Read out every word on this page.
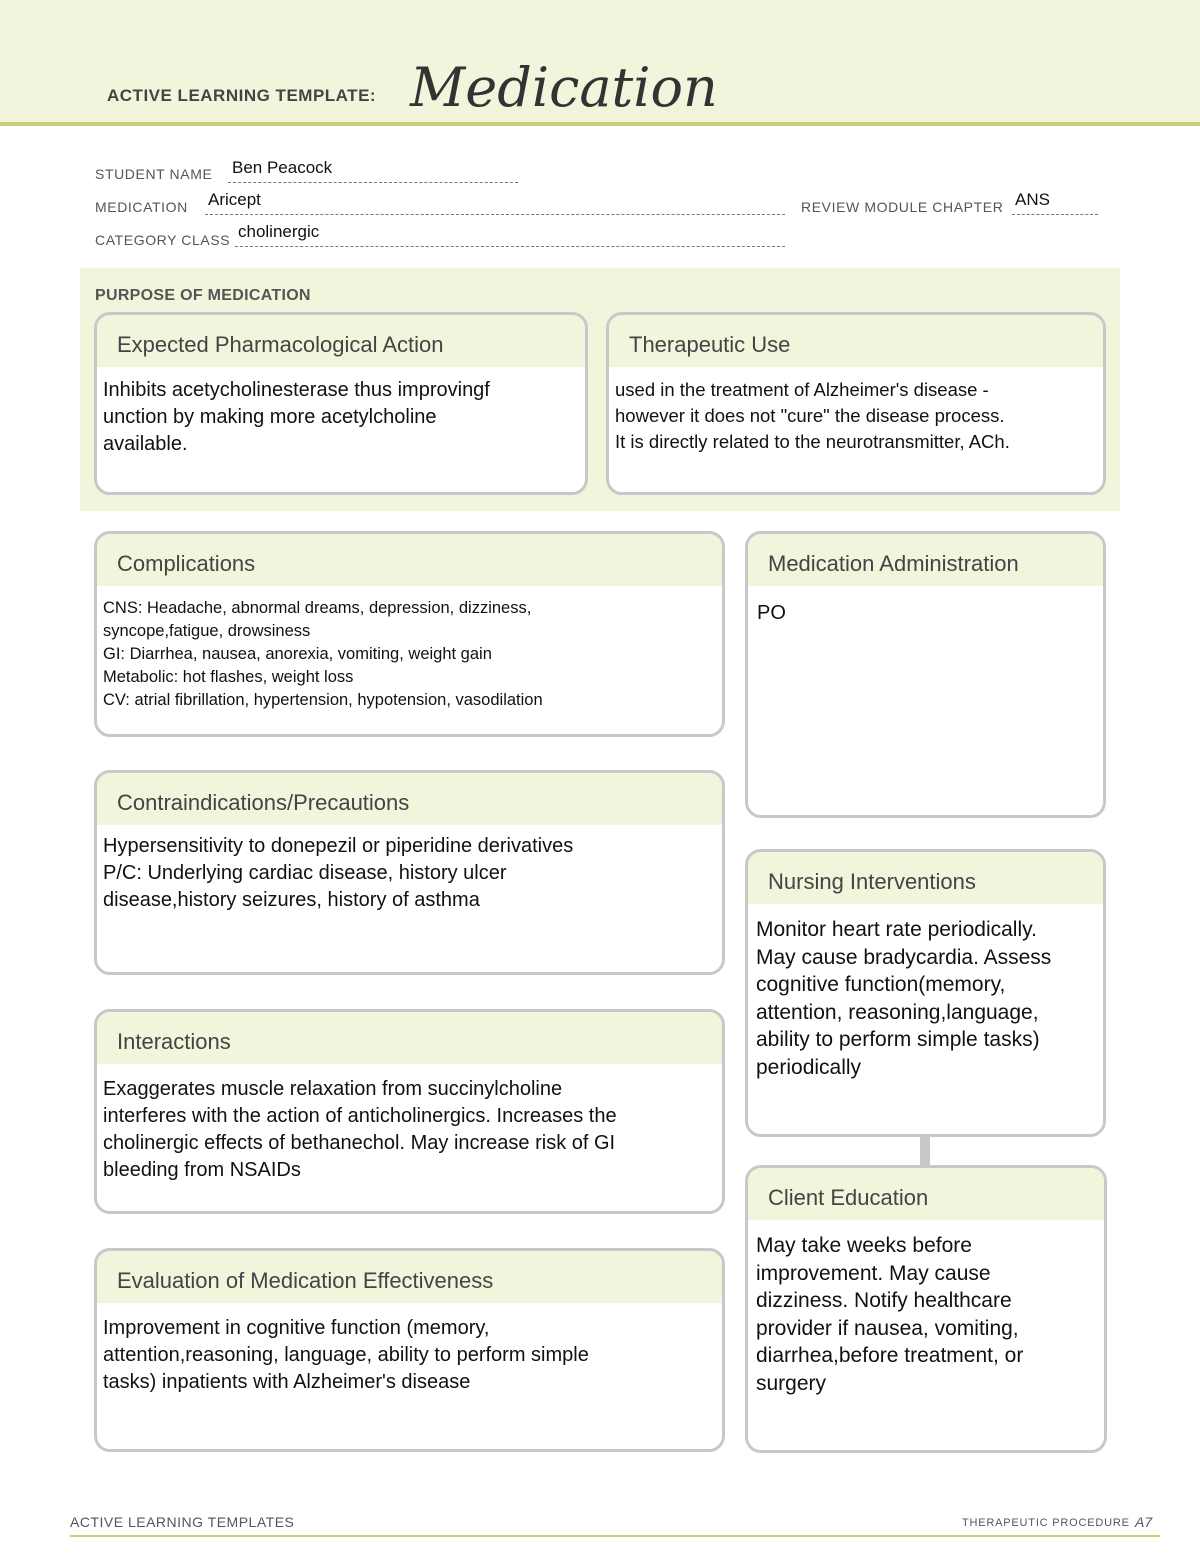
ACTIVE LEARNING TEMPLATE: Medication
STUDENT NAME Ben Peacock
MEDICATION Aricept	REVIEW MODULE CHAPTER ANS
CATEGORY CLASS cholinergic
PURPOSE OF MEDICATION
Expected Pharmacological Action
Inhibits acetycholinesterase thus improvingf
unction by making more acetylcholine
available.
Therapeutic Use
used in the treatment of Alzheimer's disease -
however it does not "cure" the disease process.
It is directly related to the neurotransmitter, ACh.
Complications
CNS: Headache, abnormal dreams, depression, dizziness,
syncope,fatigue, drowsiness
GI: Diarrhea, nausea, anorexia, vomiting, weight gain
Metabolic: hot flashes, weight loss
CV: atrial fibrillation, hypertension, hypotension, vasodilation
Contraindications/Precautions
Hypersensitivity to donepezil or piperidine derivatives
P/C: Underlying cardiac disease, history ulcer
disease,history seizures, history of asthma
Interactions
Exaggerates muscle relaxation from succinylcholine
interferes with the action of anticholinergics. Increases the
cholinergic effects of bethanechol. May increase risk of GI
bleeding from NSAIDs
Evaluation of Medication Effectiveness
Improvement in cognitive function (memory,
attention,reasoning, language, ability to perform simple
tasks) inpatients with Alzheimer's disease
Medication Administration
PO
Nursing Interventions
Monitor heart rate periodically.
May cause bradycardia. Assess
cognitive function(memory,
attention, reasoning,language,
ability to perform simple tasks)
periodically
Client Education
May take weeks before
improvement. May cause
dizziness. Notify healthcare
provider if nausea, vomiting,
diarrhea,before treatment, or
surgery
ACTIVE LEARNING TEMPLATES	THERAPEUTIC PROCEDURE A7
